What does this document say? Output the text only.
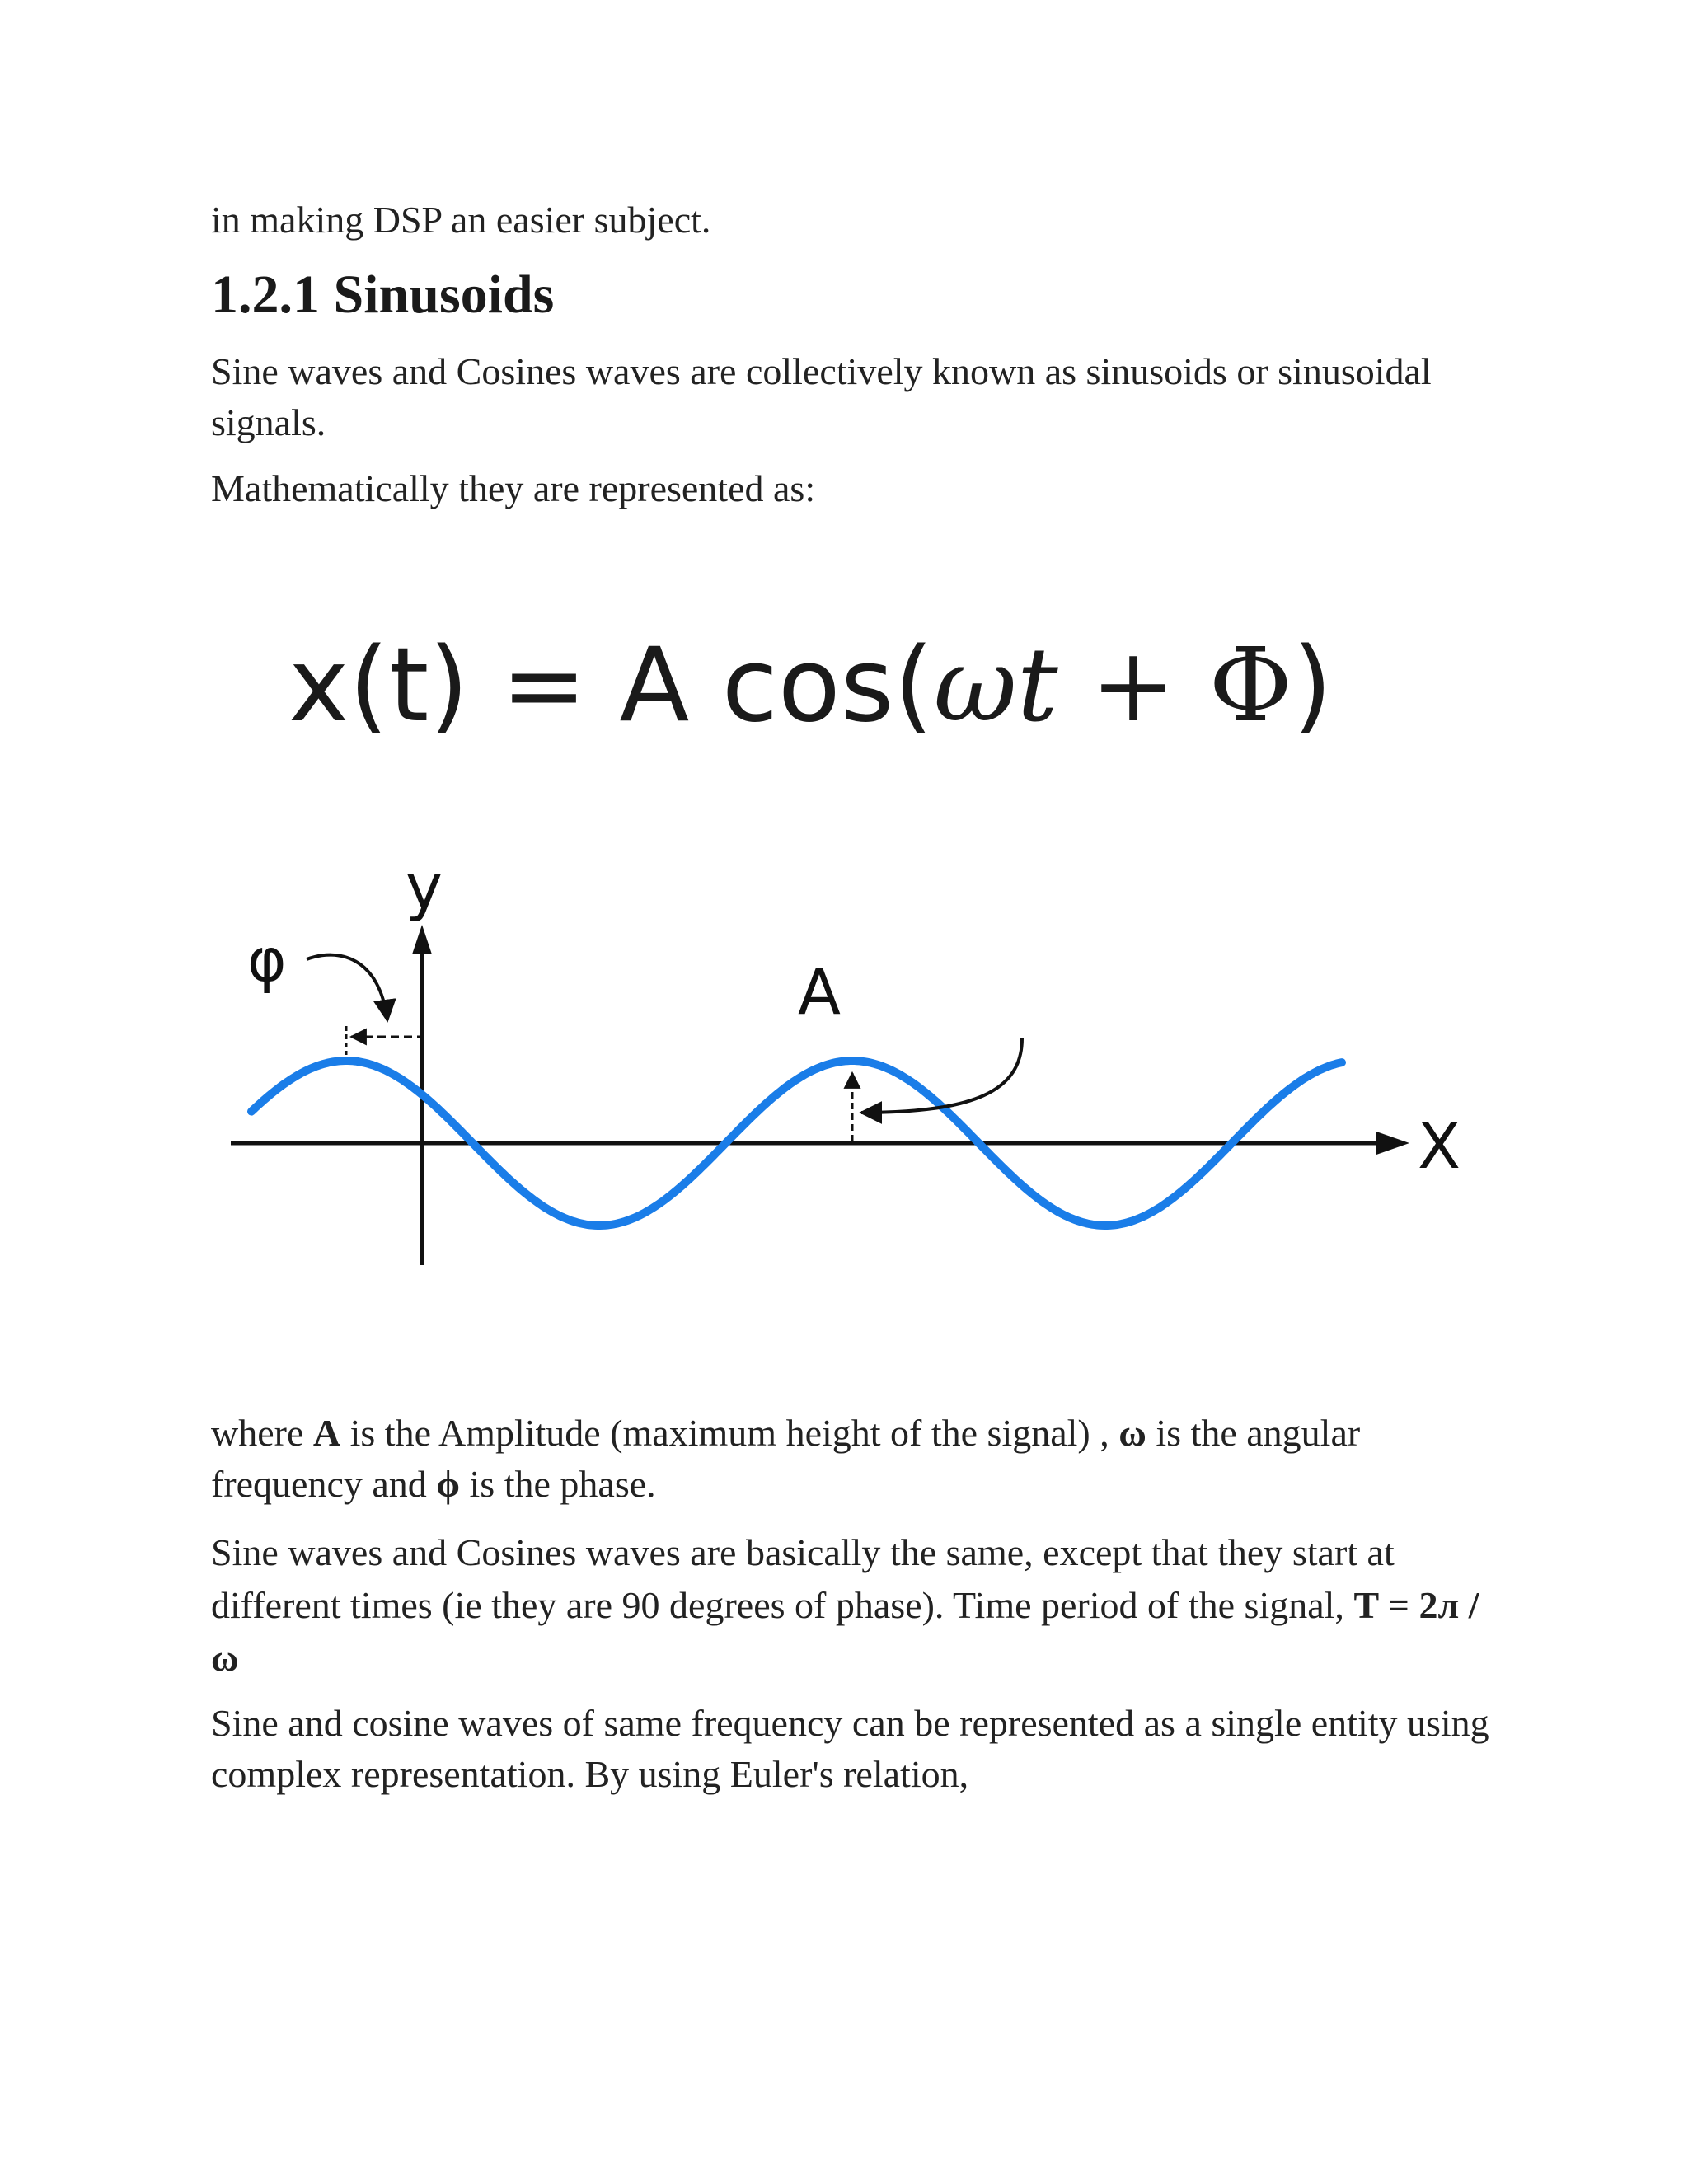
in making DSP an easier subject.

1.2.1 Sinusoids

Sine waves and Cosines waves are collectively known as sinusoids or sinusoidal signals.

Mathematically they are represented as:

x(t) = A cos(ωt + Φ)
X
y
φ	A

where A is the Amplitude (maximum height of the signal) , ω is the angular frequency and ϕ is the phase.

Sine waves and Cosines waves are basically the same, except that they start at different times (ie they are 90 degrees of phase). Time period of the signal, T = 2л /ω

Sine and cosine waves of same frequency can be represented as a single entity using complex representation. By using Euler's relation,
